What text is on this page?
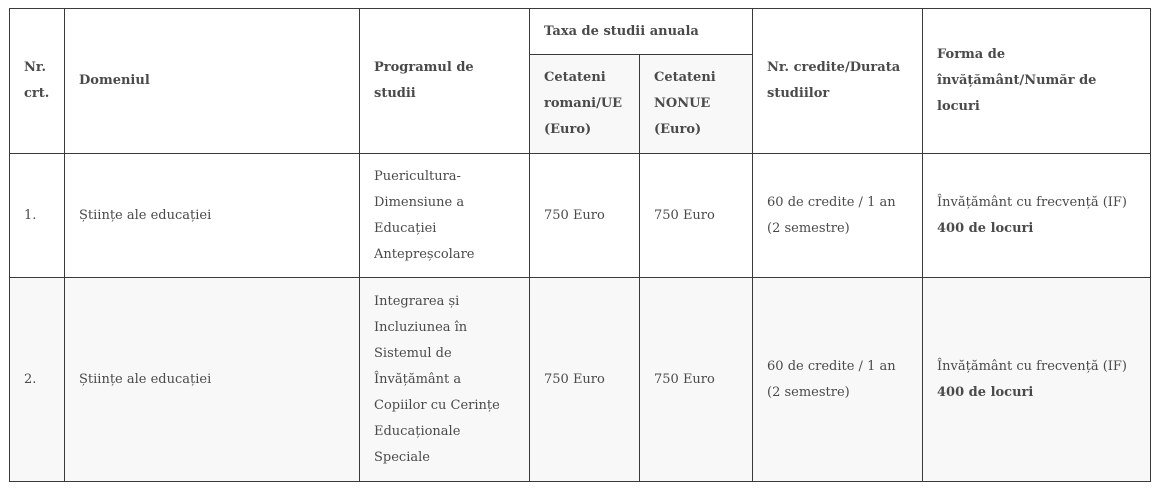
Nr. crt.	Domeniul	Programul de studii	Taxa de studii anuala		Nr. credite/Durata studiilor	Forma de învățământ/Număr de locuri
			Cetateni romani/UE (Euro)	Cetateni NONUE (Euro)		
1.	Științe ale educației	Puericultura-Dimensiune a Educației Antepreșcolare	750 Euro	750 Euro	60 de credite / 1 an (2 semestre)	Învățământ cu frecvență (IF)
400 de locuri

2.	Științe ale educației	Integrarea și Incluziunea în Sistemul de Învățământ a Copiilor cu Cerințe Educaționale Speciale	750 Euro	750 Euro	60 de credite / 1 an (2 semestre)	Învățământ cu frecvență (IF)
400 de locuri
